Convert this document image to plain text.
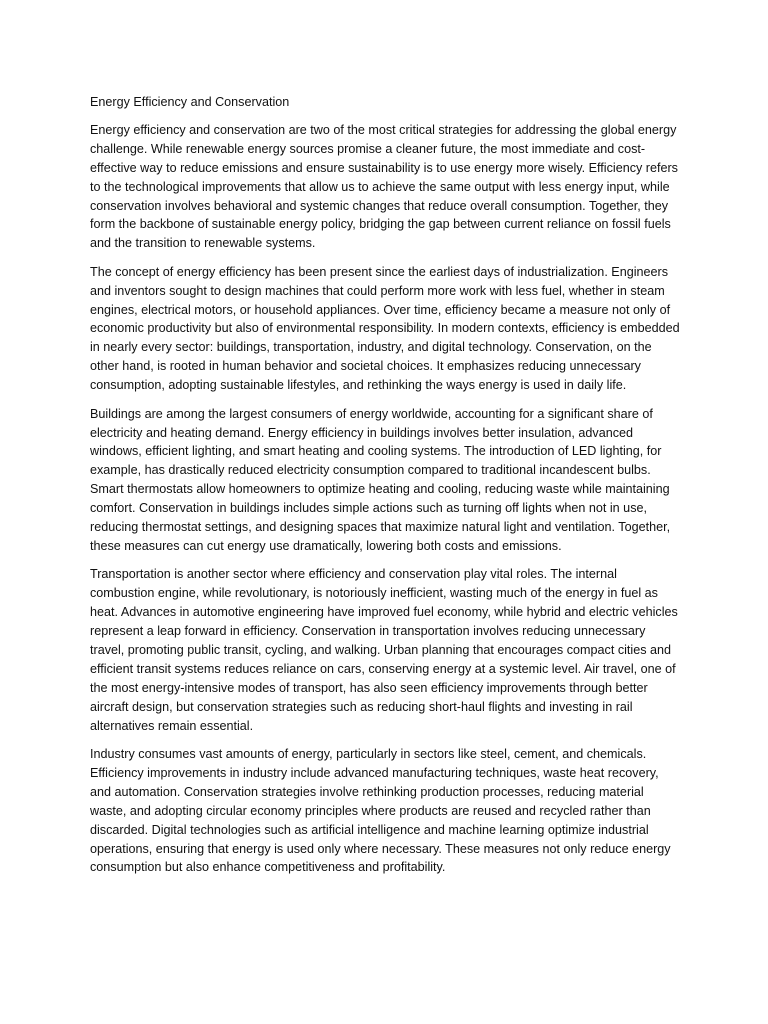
Energy Efficiency and Conservation

Energy efficiency and conservation are two of the most critical strategies for addressing the global energy challenge. While renewable energy sources promise a cleaner future, the most immediate and cost-effective way to reduce emissions and ensure sustainability is to use energy more wisely. Efficiency refers to the technological improvements that allow us to achieve the same output with less energy input, while conservation involves behavioral and systemic changes that reduce overall consumption. Together, they form the backbone of sustainable energy policy, bridging the gap between current reliance on fossil fuels and the transition to renewable systems.

The concept of energy efficiency has been present since the earliest days of industrialization. Engineers and inventors sought to design machines that could perform more work with less fuel, whether in steam engines, electrical motors, or household appliances. Over time, efficiency became a measure not only of economic productivity but also of environmental responsibility. In modern contexts, efficiency is embedded in nearly every sector: buildings, transportation, industry, and digital technology. Conservation, on the other hand, is rooted in human behavior and societal choices. It emphasizes reducing unnecessary consumption, adopting sustainable lifestyles, and rethinking the ways energy is used in daily life.

Buildings are among the largest consumers of energy worldwide, accounting for a significant share of electricity and heating demand. Energy efficiency in buildings involves better insulation, advanced windows, efficient lighting, and smart heating and cooling systems. The introduction of LED lighting, for example, has drastically reduced electricity consumption compared to traditional incandescent bulbs. Smart thermostats allow homeowners to optimize heating and cooling, reducing waste while maintaining comfort. Conservation in buildings includes simple actions such as turning off lights when not in use, reducing thermostat settings, and designing spaces that maximize natural light and ventilation. Together, these measures can cut energy use dramatically, lowering both costs and emissions.

Transportation is another sector where efficiency and conservation play vital roles. The internal combustion engine, while revolutionary, is notoriously inefficient, wasting much of the energy in fuel as heat. Advances in automotive engineering have improved fuel economy, while hybrid and electric vehicles represent a leap forward in efficiency. Conservation in transportation involves reducing unnecessary travel, promoting public transit, cycling, and walking. Urban planning that encourages compact cities and efficient transit systems reduces reliance on cars, conserving energy at a systemic level. Air travel, one of the most energy-intensive modes of transport, has also seen efficiency improvements through better aircraft design, but conservation strategies such as reducing short-haul flights and investing in rail alternatives remain essential.

Industry consumes vast amounts of energy, particularly in sectors like steel, cement, and chemicals. Efficiency improvements in industry include advanced manufacturing techniques, waste heat recovery, and automation. Conservation strategies involve rethinking production processes, reducing material waste, and adopting circular economy principles where products are reused and recycled rather than discarded. Digital technologies such as artificial intelligence and machine learning optimize industrial operations, ensuring that energy is used only where necessary. These measures not only reduce energy consumption but also enhance competitiveness and profitability.
